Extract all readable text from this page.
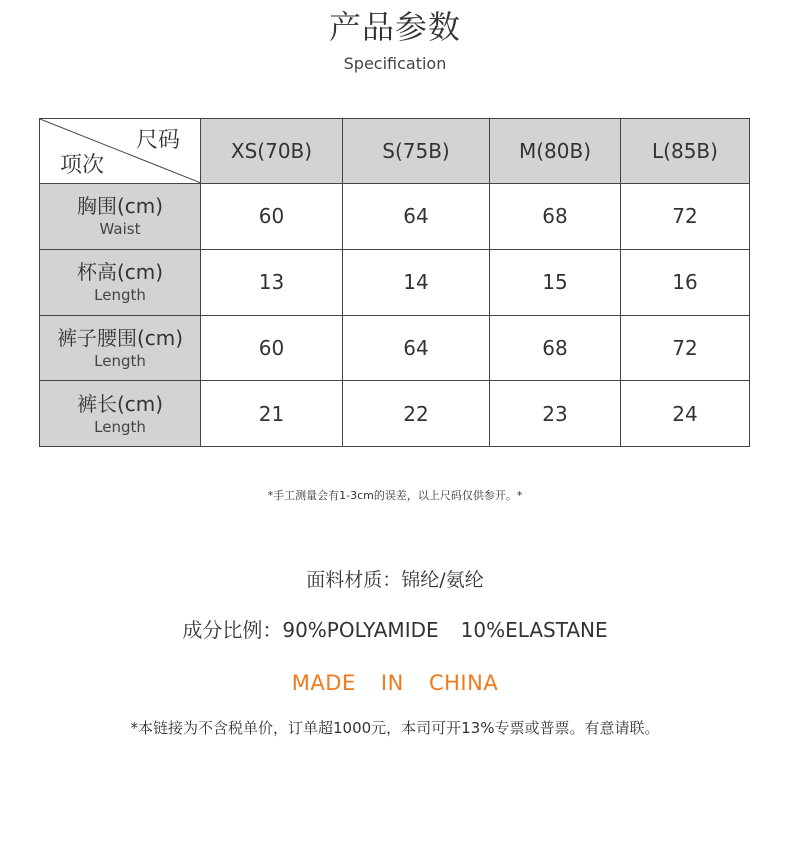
产品参数
Specification
尺码
项次	XS(70B)	S(75B)	M(80B)	L(85B)

胸围(cm)
Waist	60	64	68	72

杯高(cm)
Length	13	14	15	16

裤子腰围(cm)
Length	60	64	68	72

裤长(cm)
Length	21	22	23	24
*手工测量会有1-3cm的误差，以上尺码仅供参开。*
面料材质：锦纶/氨纶
成分比例：90%POLYAMIDE 10%ELASTANE
MADE IN CHINA
*本链接为不含税单价，订单超1000元，本司可开13%专票或普票。有意请联。
